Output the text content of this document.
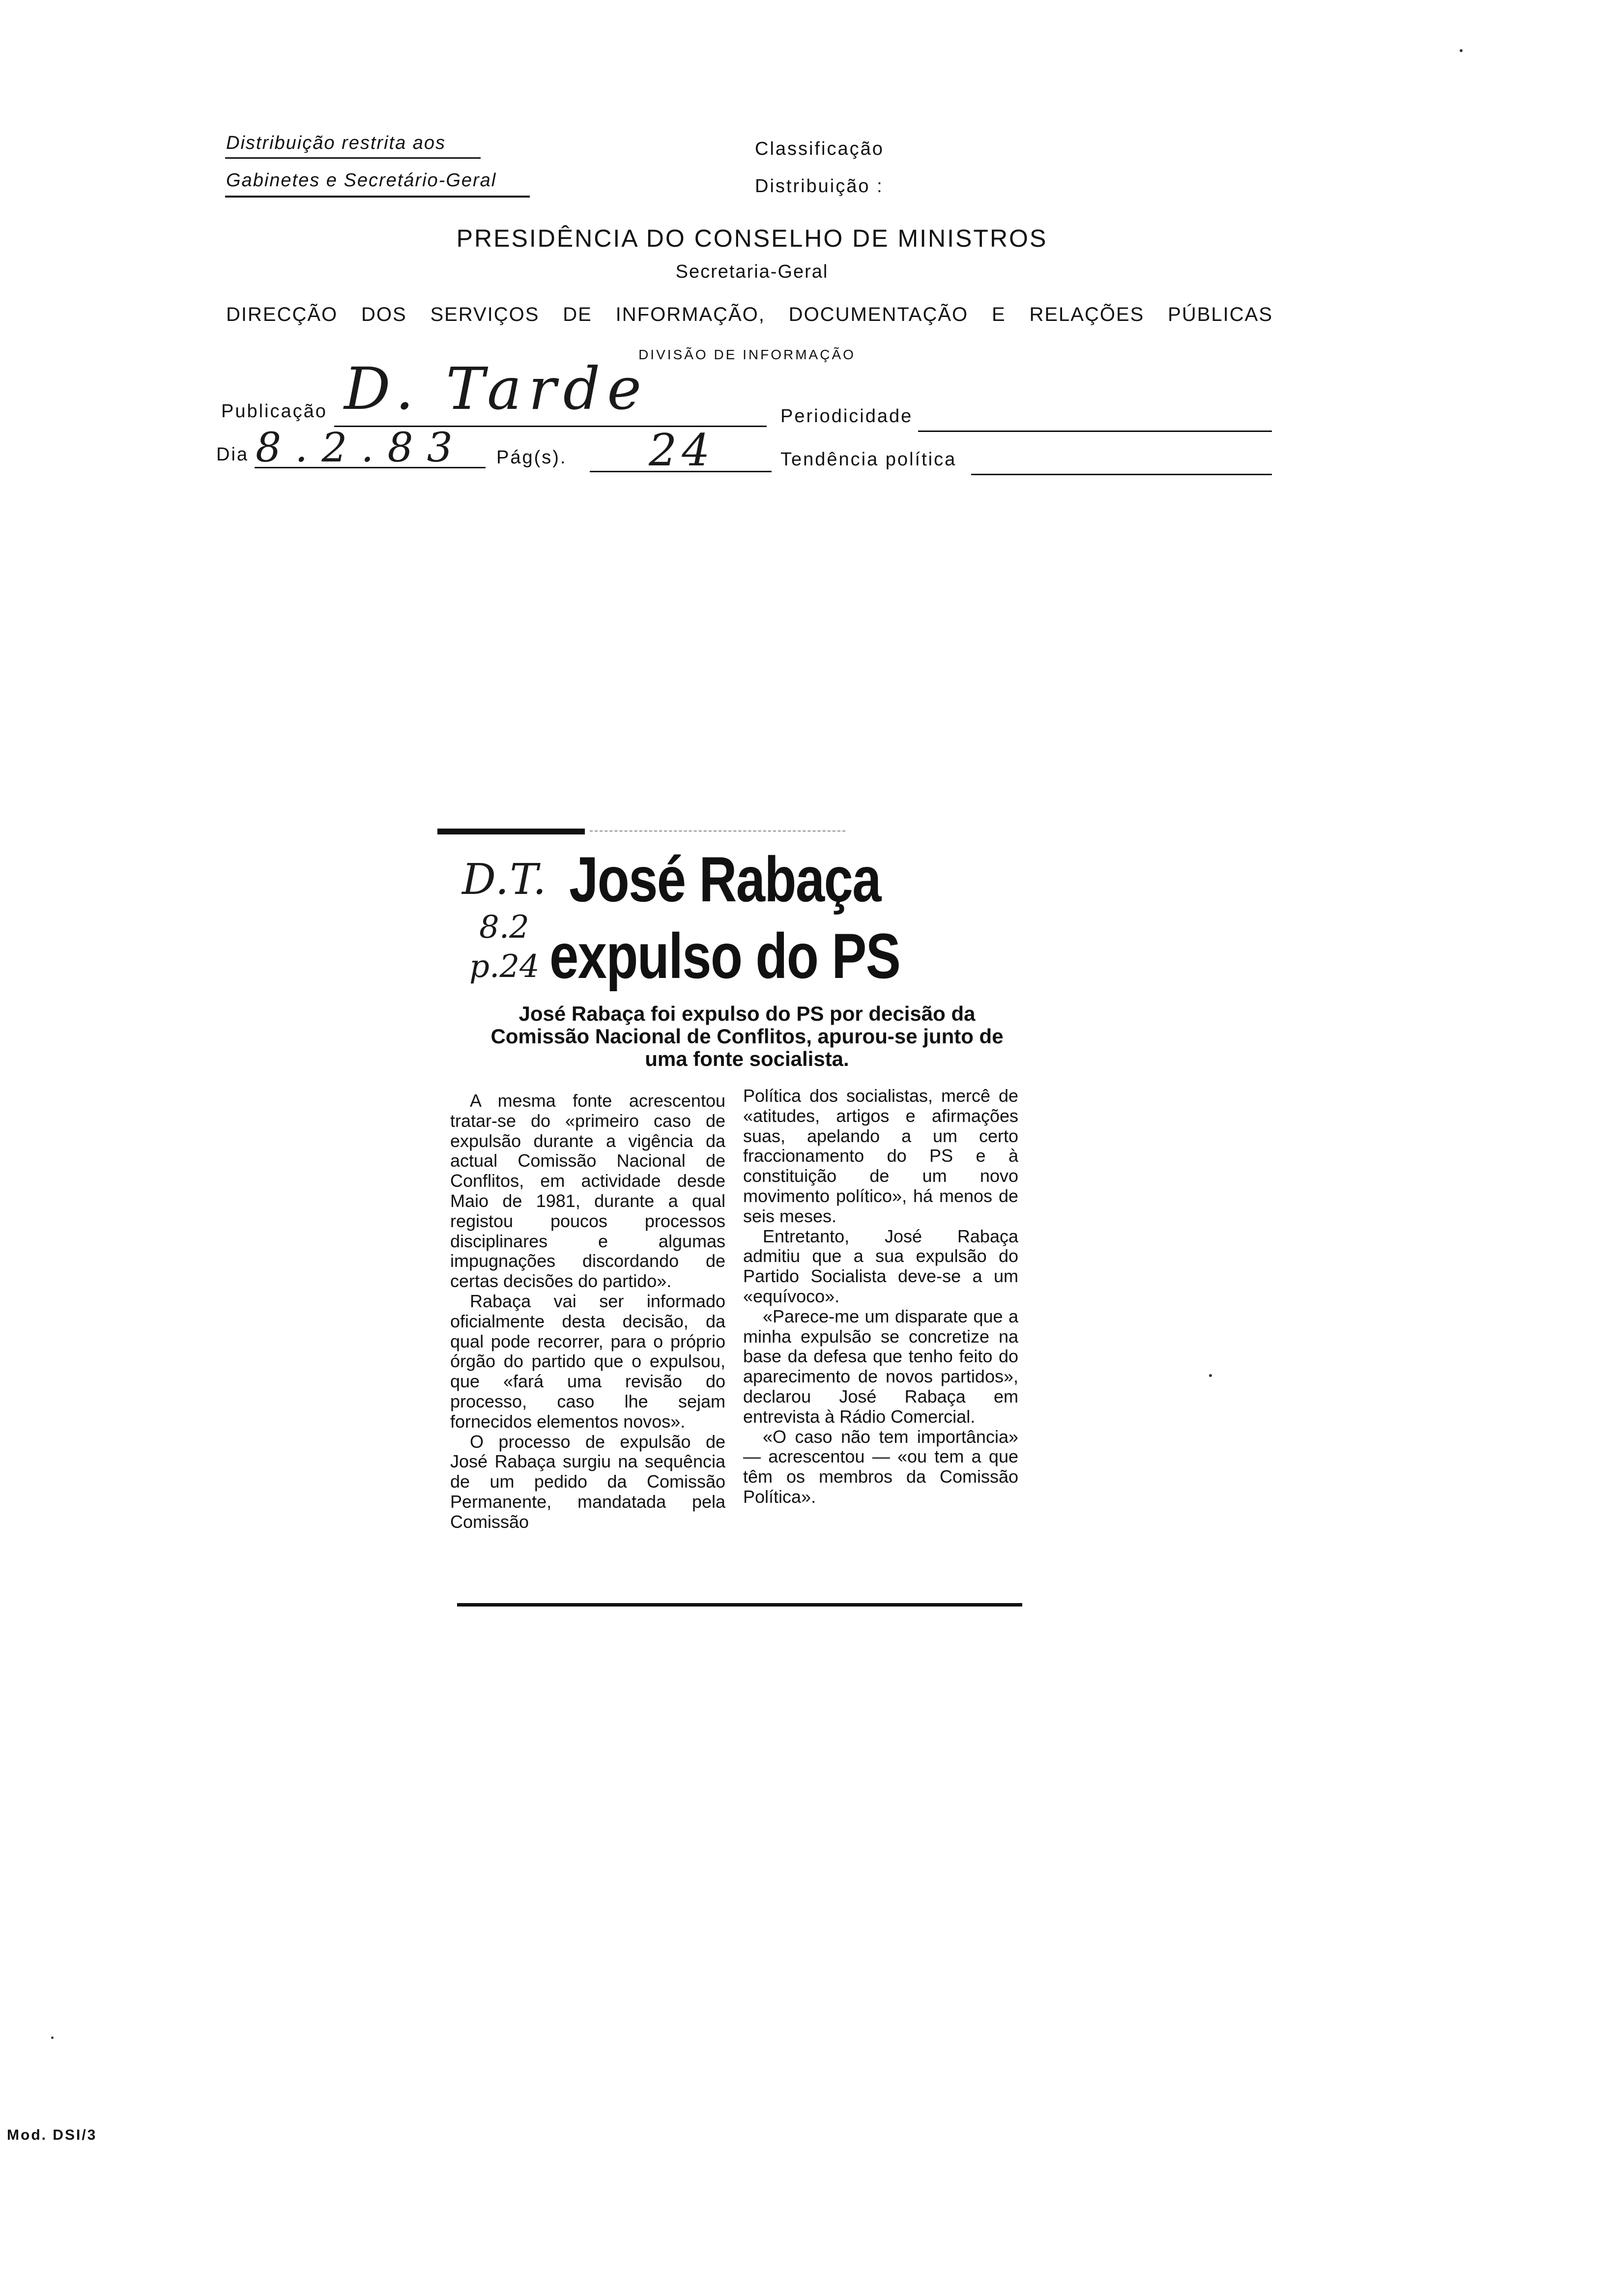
Distribuição restrita aos
Gabinetes e Secretário-Geral
Classificação
Distribuição :
PRESIDÊNCIA DO CONSELHO DE MINISTROS
Secretaria-Geral
DIRECÇÃO DOS SERVIÇOS DE INFORMAÇÃO, DOCUMENTAÇÃO E RELAÇÕES PÚBLICAS
DIVISÃO DE INFORMAÇÃO
Publicação D. Tarde	Periodicidade
Dia 8.2.83 Pág(s). 24	Tendência política
D.T.
8.2
p.24
José Rabaça
expulso do PS
José Rabaça foi expulso do PS por decisão da Comissão Nacional de Conflitos, apurou-se junto de uma fonte socialista.

A mesma fonte acrescentou tratar-se do «primeiro caso de expulsão durante a vigência da actual Comissão Nacional de Conflitos, em actividade desde Maio de 1981, durante a qual registou poucos processos disciplinares e algumas impugnações discordando de certas decisões do partido».

Rabaça vai ser informado oficialmente desta decisão, da qual pode recorrer, para o próprio órgão do partido que o expulsou, que «fará uma revisão do processo, caso lhe sejam fornecidos elementos novos».

O processo de expulsão de José Rabaça surgiu na sequência de um pedido da Comissão Permanente, mandatada pela Comissão

Política dos socialistas, mercê de «atitudes, artigos e afirmações suas, apelando a um certo fraccionamento do PS e à constituição de um novo movimento político», há menos de seis meses.

Entretanto, José Rabaça admitiu que a sua expulsão do Partido Socialista deve-se a um «equívoco».

«Parece-me um disparate que a minha expulsão se concretize na base da defesa que tenho feito do aparecimento de novos partidos», declarou José Rabaça em entrevista à Rádio Comercial.

«O caso não tem importância» — acrescentou — «ou tem a que têm os membros da Comissão Política».

Mod. DSI/3
